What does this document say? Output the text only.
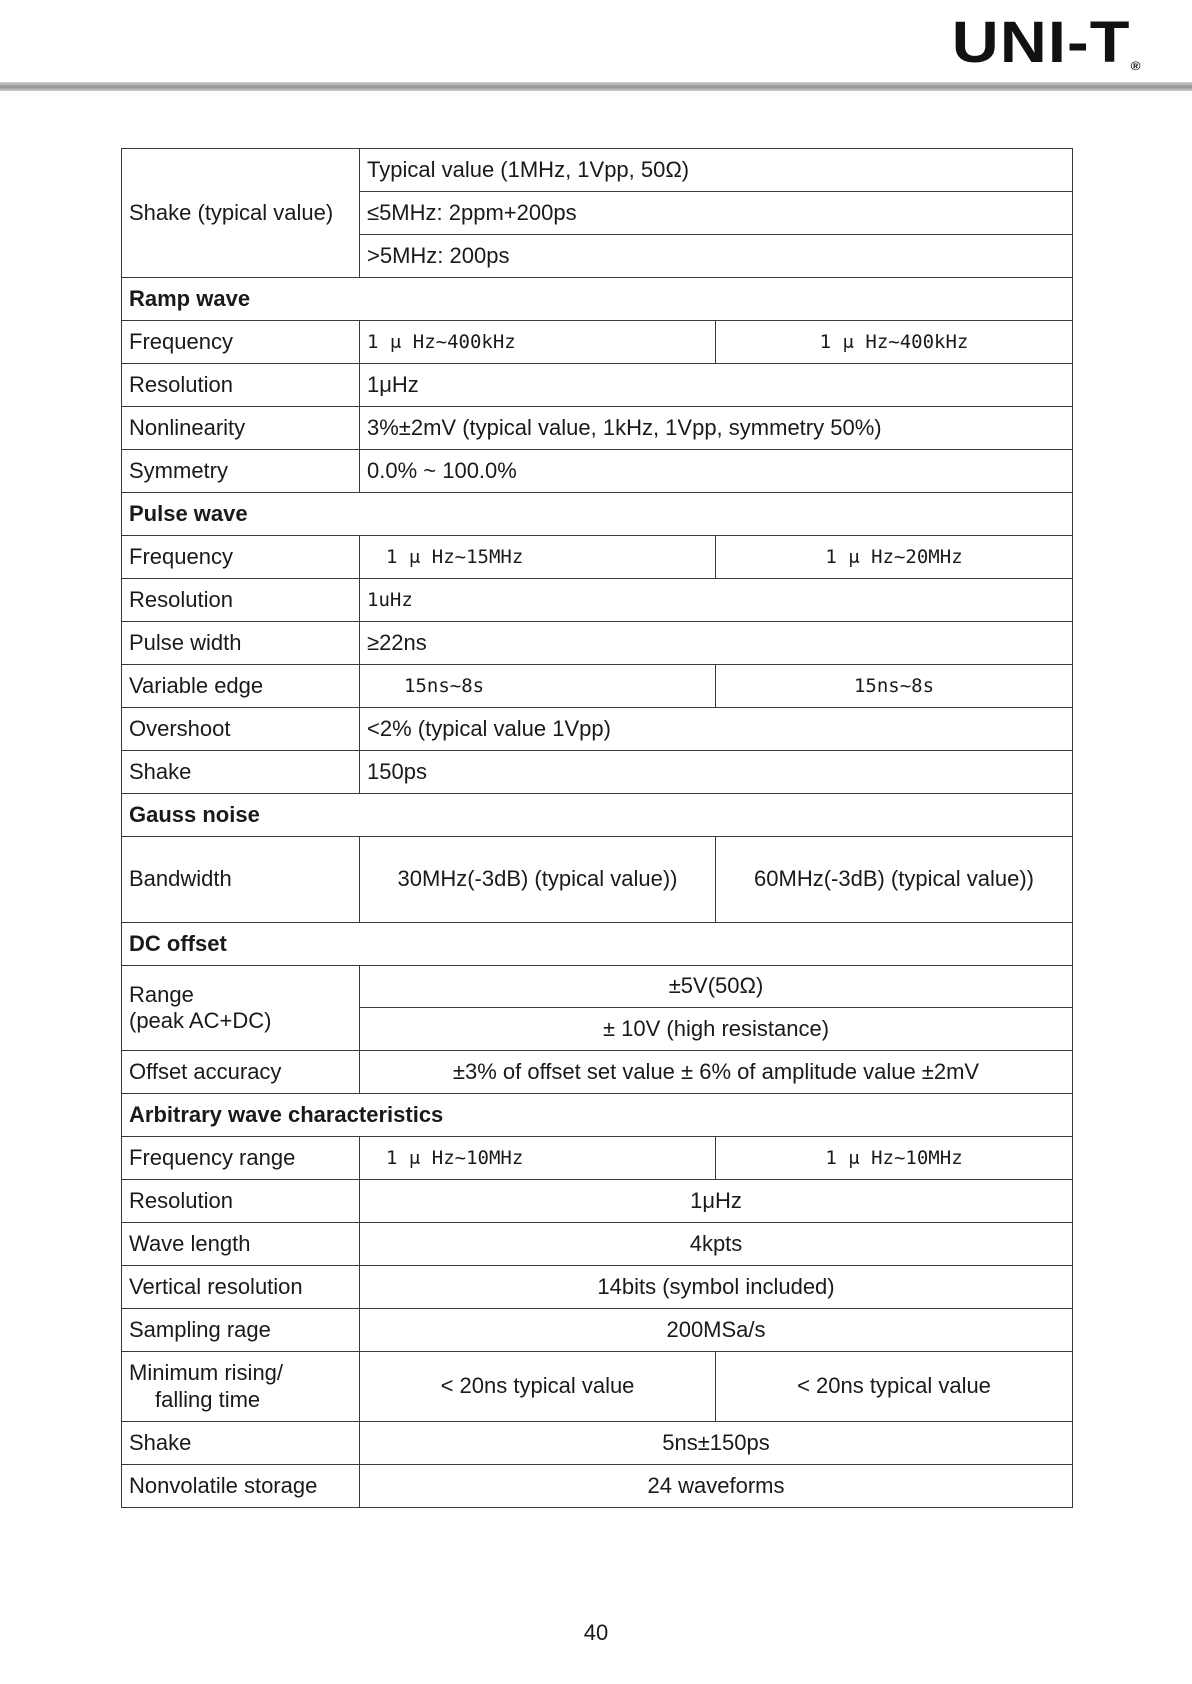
UNI-T®
Shake (typical value)	Typical value (1MHz, 1Vpp, 50Ω)	
	≤5MHz: 2ppm+200ps	
	>5MHz: 200ps	
Ramp wave		
Frequency	1 μ Hz~400kHz	1 μ Hz~400kHz
Resolution	1μHz	
Nonlinearity	3%±2mV (typical value, 1kHz, 1Vpp, symmetry 50%)	
Symmetry	0.0% ~ 100.0%	
Pulse wave		
Frequency	1 μ Hz~15MHz	1 μ Hz~20MHz
Resolution	1uHz	
Pulse width	≥22ns	
Variable edge	15ns~8s	15ns~8s
Overshoot	<2% (typical value 1Vpp)	
Shake	150ps	
Gauss noise		
Bandwidth	30MHz(-3dB) (typical value))	60MHz(-3dB) (typical value))
DC offset		
Range
(peak AC+DC)	±5V(50Ω)	
	± 10V (high resistance)	
Offset accuracy	±3% of offset set value ± 6% of amplitude value ±2mV	
Arbitrary wave characteristics		
Frequency range	1 μ Hz~10MHz	1 μ Hz~10MHz
Resolution	1μHz	
Wave length	4kpts	
Vertical resolution	14bits (symbol included)	
Sampling rage	200MSa/s	
Minimum rising/
falling time	< 20ns typical value	< 20ns typical value
Shake	5ns±150ps	
Nonvolatile storage	24 waveforms	
40
